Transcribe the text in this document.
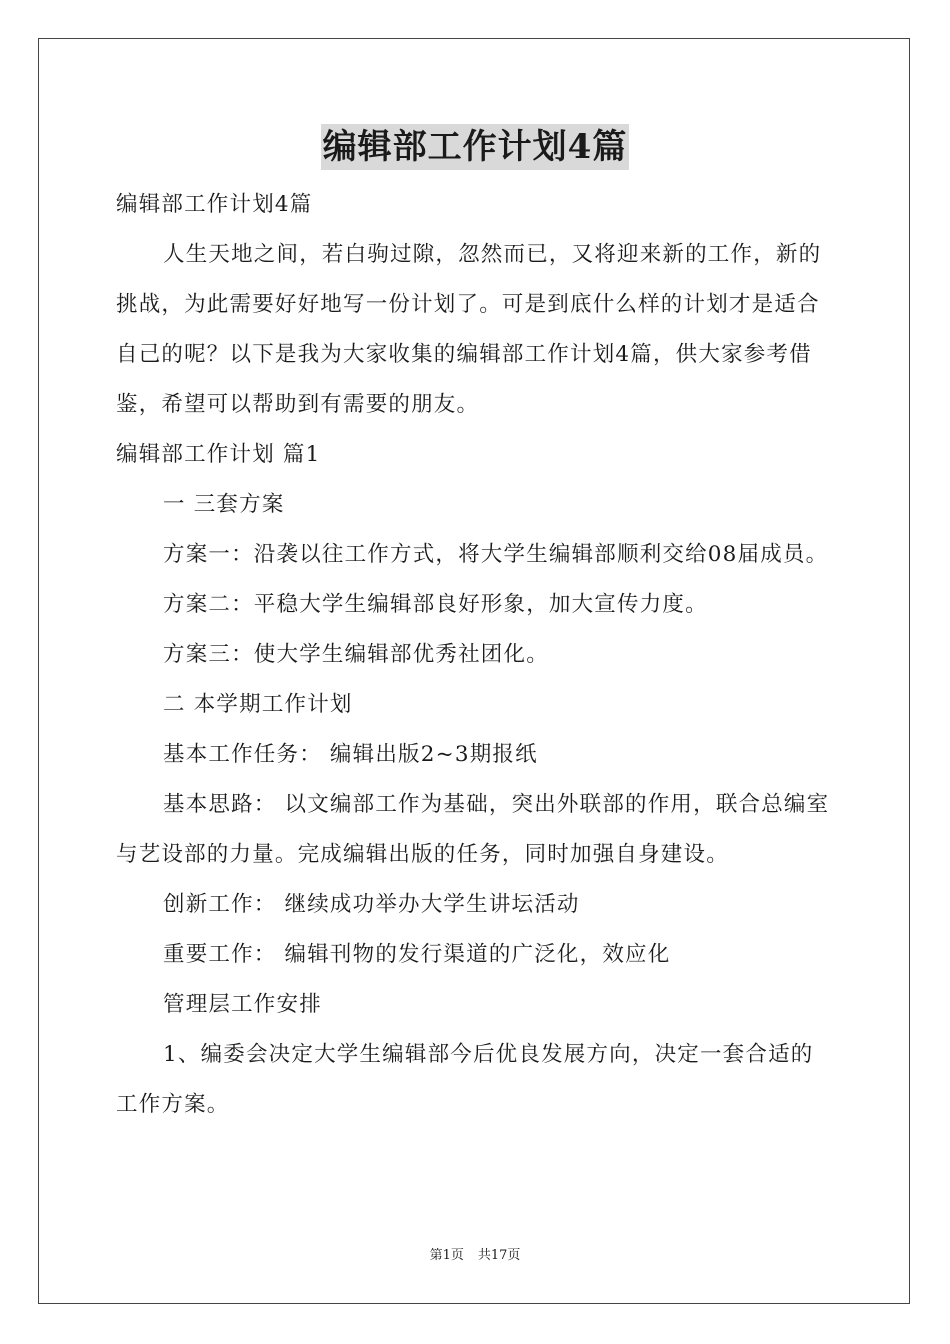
编辑部工作计划4篇

编辑部工作计划4篇

人生天地之间，若白驹过隙，忽然而已，又将迎来新的工作，新的挑战，为此需要好好地写一份计划了。可是到底什么样的计划才是适合自己的呢？以下是我为大家收集的编辑部工作计划4篇，供大家参考借鉴，希望可以帮助到有需要的朋友。

编辑部工作计划 篇1

一 三套方案

方案一：沿袭以往工作方式，将大学生编辑部顺利交给08届成员。

方案二：平稳大学生编辑部良好形象，加大宣传力度。

方案三：使大学生编辑部优秀社团化。

二 本学期工作计划

基本工作任务： 编辑出版2~3期报纸

基本思路： 以文编部工作为基础，突出外联部的作用，联合总编室与艺设部的力量。完成编辑出版的任务，同时加强自身建设。

创新工作： 继续成功举办大学生讲坛活动

重要工作： 编辑刊物的发行渠道的广泛化，效应化

管理层工作安排

1、编委会决定大学生编辑部今后优良发展方向，决定一套合适的工作方案。

第1页 共17页
